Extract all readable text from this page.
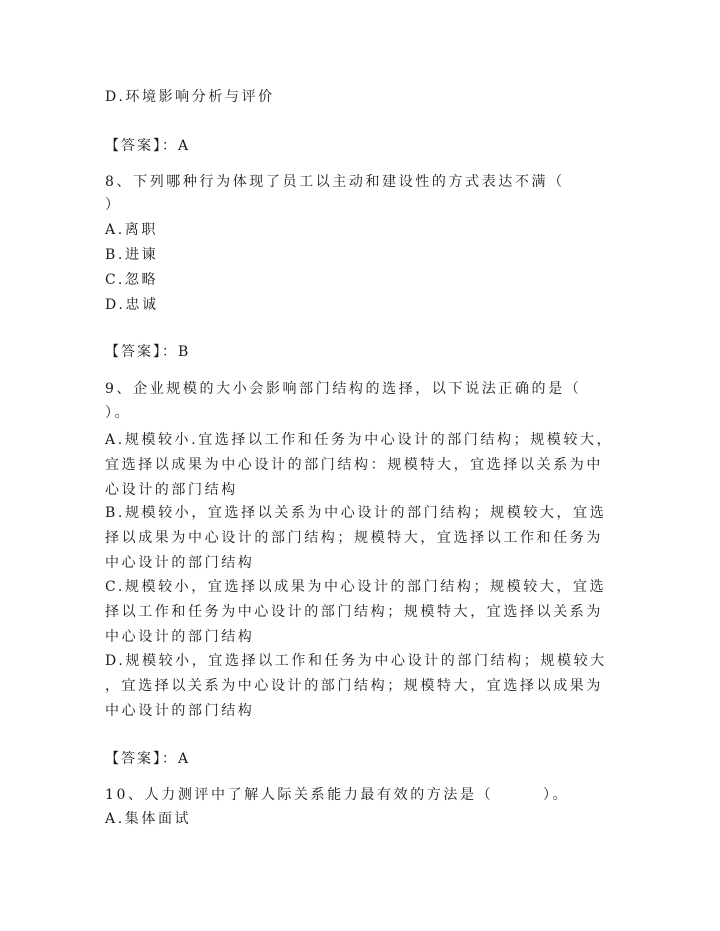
D.环境影响分析与评价
【答案】：A
8、下列哪种行为体现了员工以主动和建设性的方式表达不满（
）
A.离职
B.进谏
C.忽略
D.忠诚
【答案】：B
9、企业规模的大小会影响部门结构的选择，以下说法正确的是（
）。
A.规模较小.宜选择以工作和任务为中心设计的部门结构；规模较大，
宜选择以成果为中心设计的部门结构：规模特大，宜选择以关系为中
心设计的部门结构
B.规模较小，宜选择以关系为中心设计的部门结构；规模较大，宜选
择以成果为中心设计的部门结构；规模特大，宜选择以工作和任务为
中心设计的部门结构
C.规模较小，宜选择以成果为中心设计的部门结构；规模较大，宜选
择以工作和任务为中心设计的部门结构；规模特大，宜选择以关系为
中心设计的部门结构
D.规模较小，宜选择以工作和任务为中心设计的部门结构；规模较大
，宜选择以关系为中心设计的部门结构；规模特大，宜选择以成果为
中心设计的部门结构
【答案】：A
10、人力测评中了解人际关系能力最有效的方法是（　　　）。
A.集体面试
